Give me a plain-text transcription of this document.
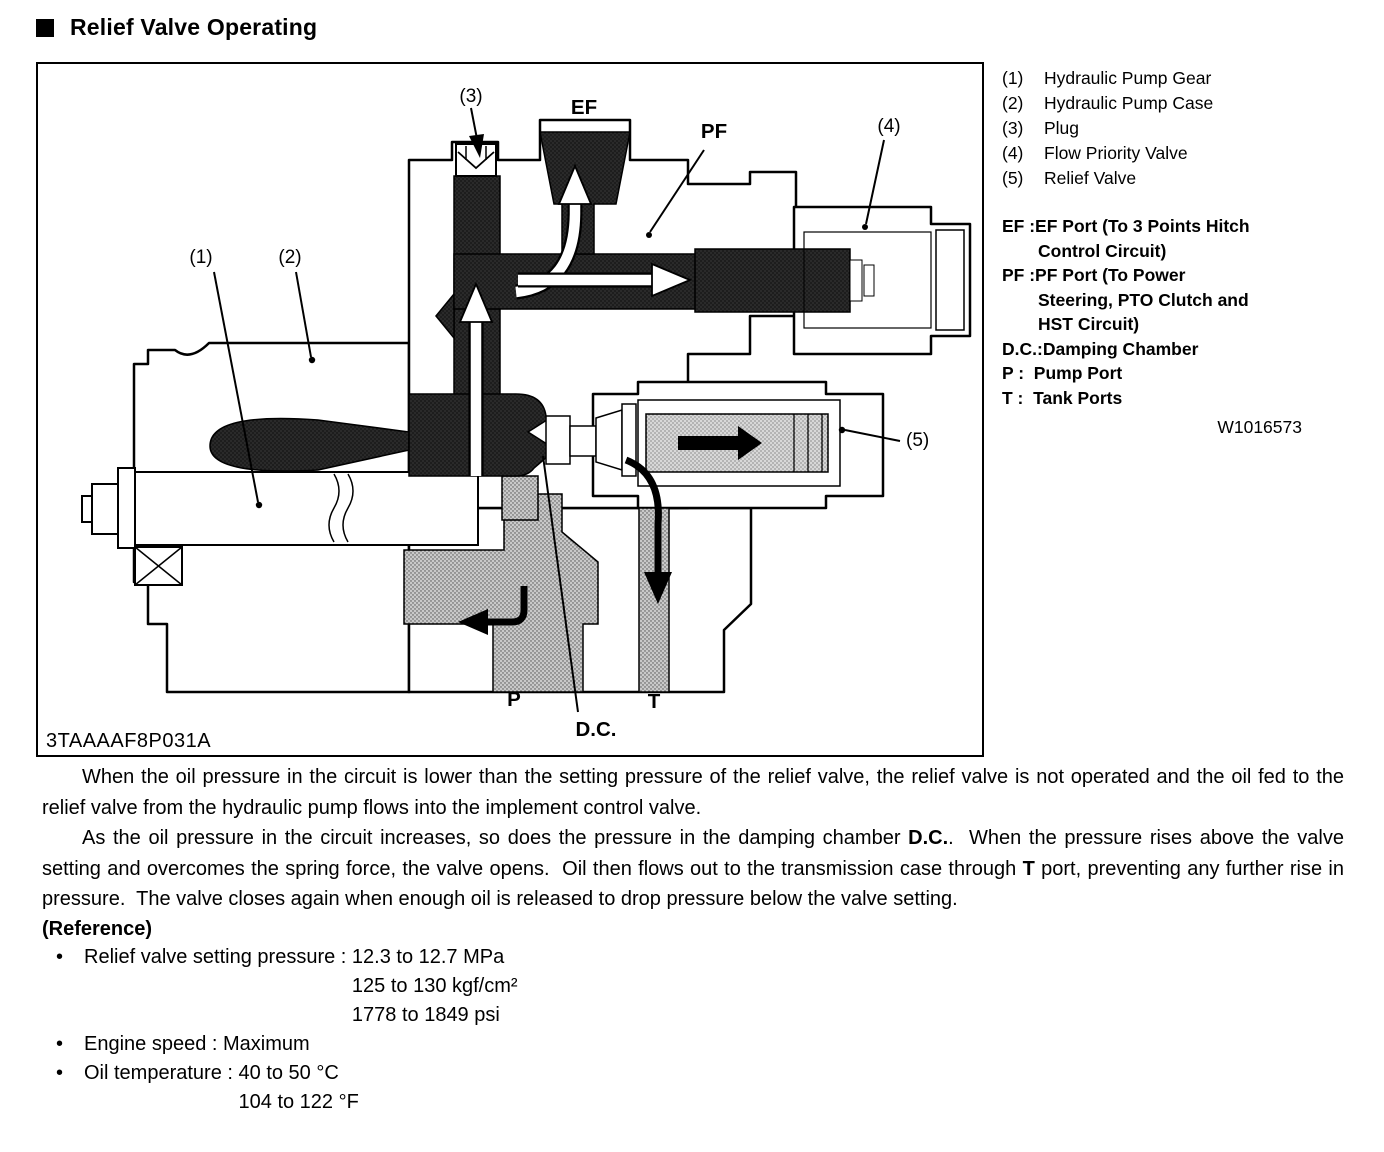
Relief Valve Operating
(3)	EF
PF	(4)
(1)	(2)
(5)
P	T
D.C.
3TAAAAF8P031A
(1)	Hydraulic Pump Gear
(2)	Hydraulic Pump Case
(3)	Plug
(4)	Flow Priority Valve
(5)	Relief Valve
EF :EF Port (To 3 Points Hitch
Control Circuit)
PF :PF Port (To Power
Steering, PTO Clutch and
HST Circuit)
D.C.:Damping Chamber
P :  Pump Port
T :  Tank Ports
W1016573
When the oil pressure in the circuit is lower than the setting pressure of the relief valve, the relief valve is not operated and the oil fed to the relief valve from the hydraulic pump flows into the implement control valve.
As the oil pressure in the circuit increases, so does the pressure in the damping chamber D.C..  When the pressure rises above the valve setting and overcomes the spring force, the valve opens.  Oil then flows out to the transmission case through T port, preventing any further rise in pressure.  The valve closes again when enough oil is released to drop pressure below the valve setting.
(Reference)
•	Relief valve setting pressure : 12.3 to 12.7 MPa
125 to 130 kgf/cm²
1778 to 1849 psi
•	Engine speed : Maximum
•	Oil temperature : 40 to 50 °C
104 to 122 °F
